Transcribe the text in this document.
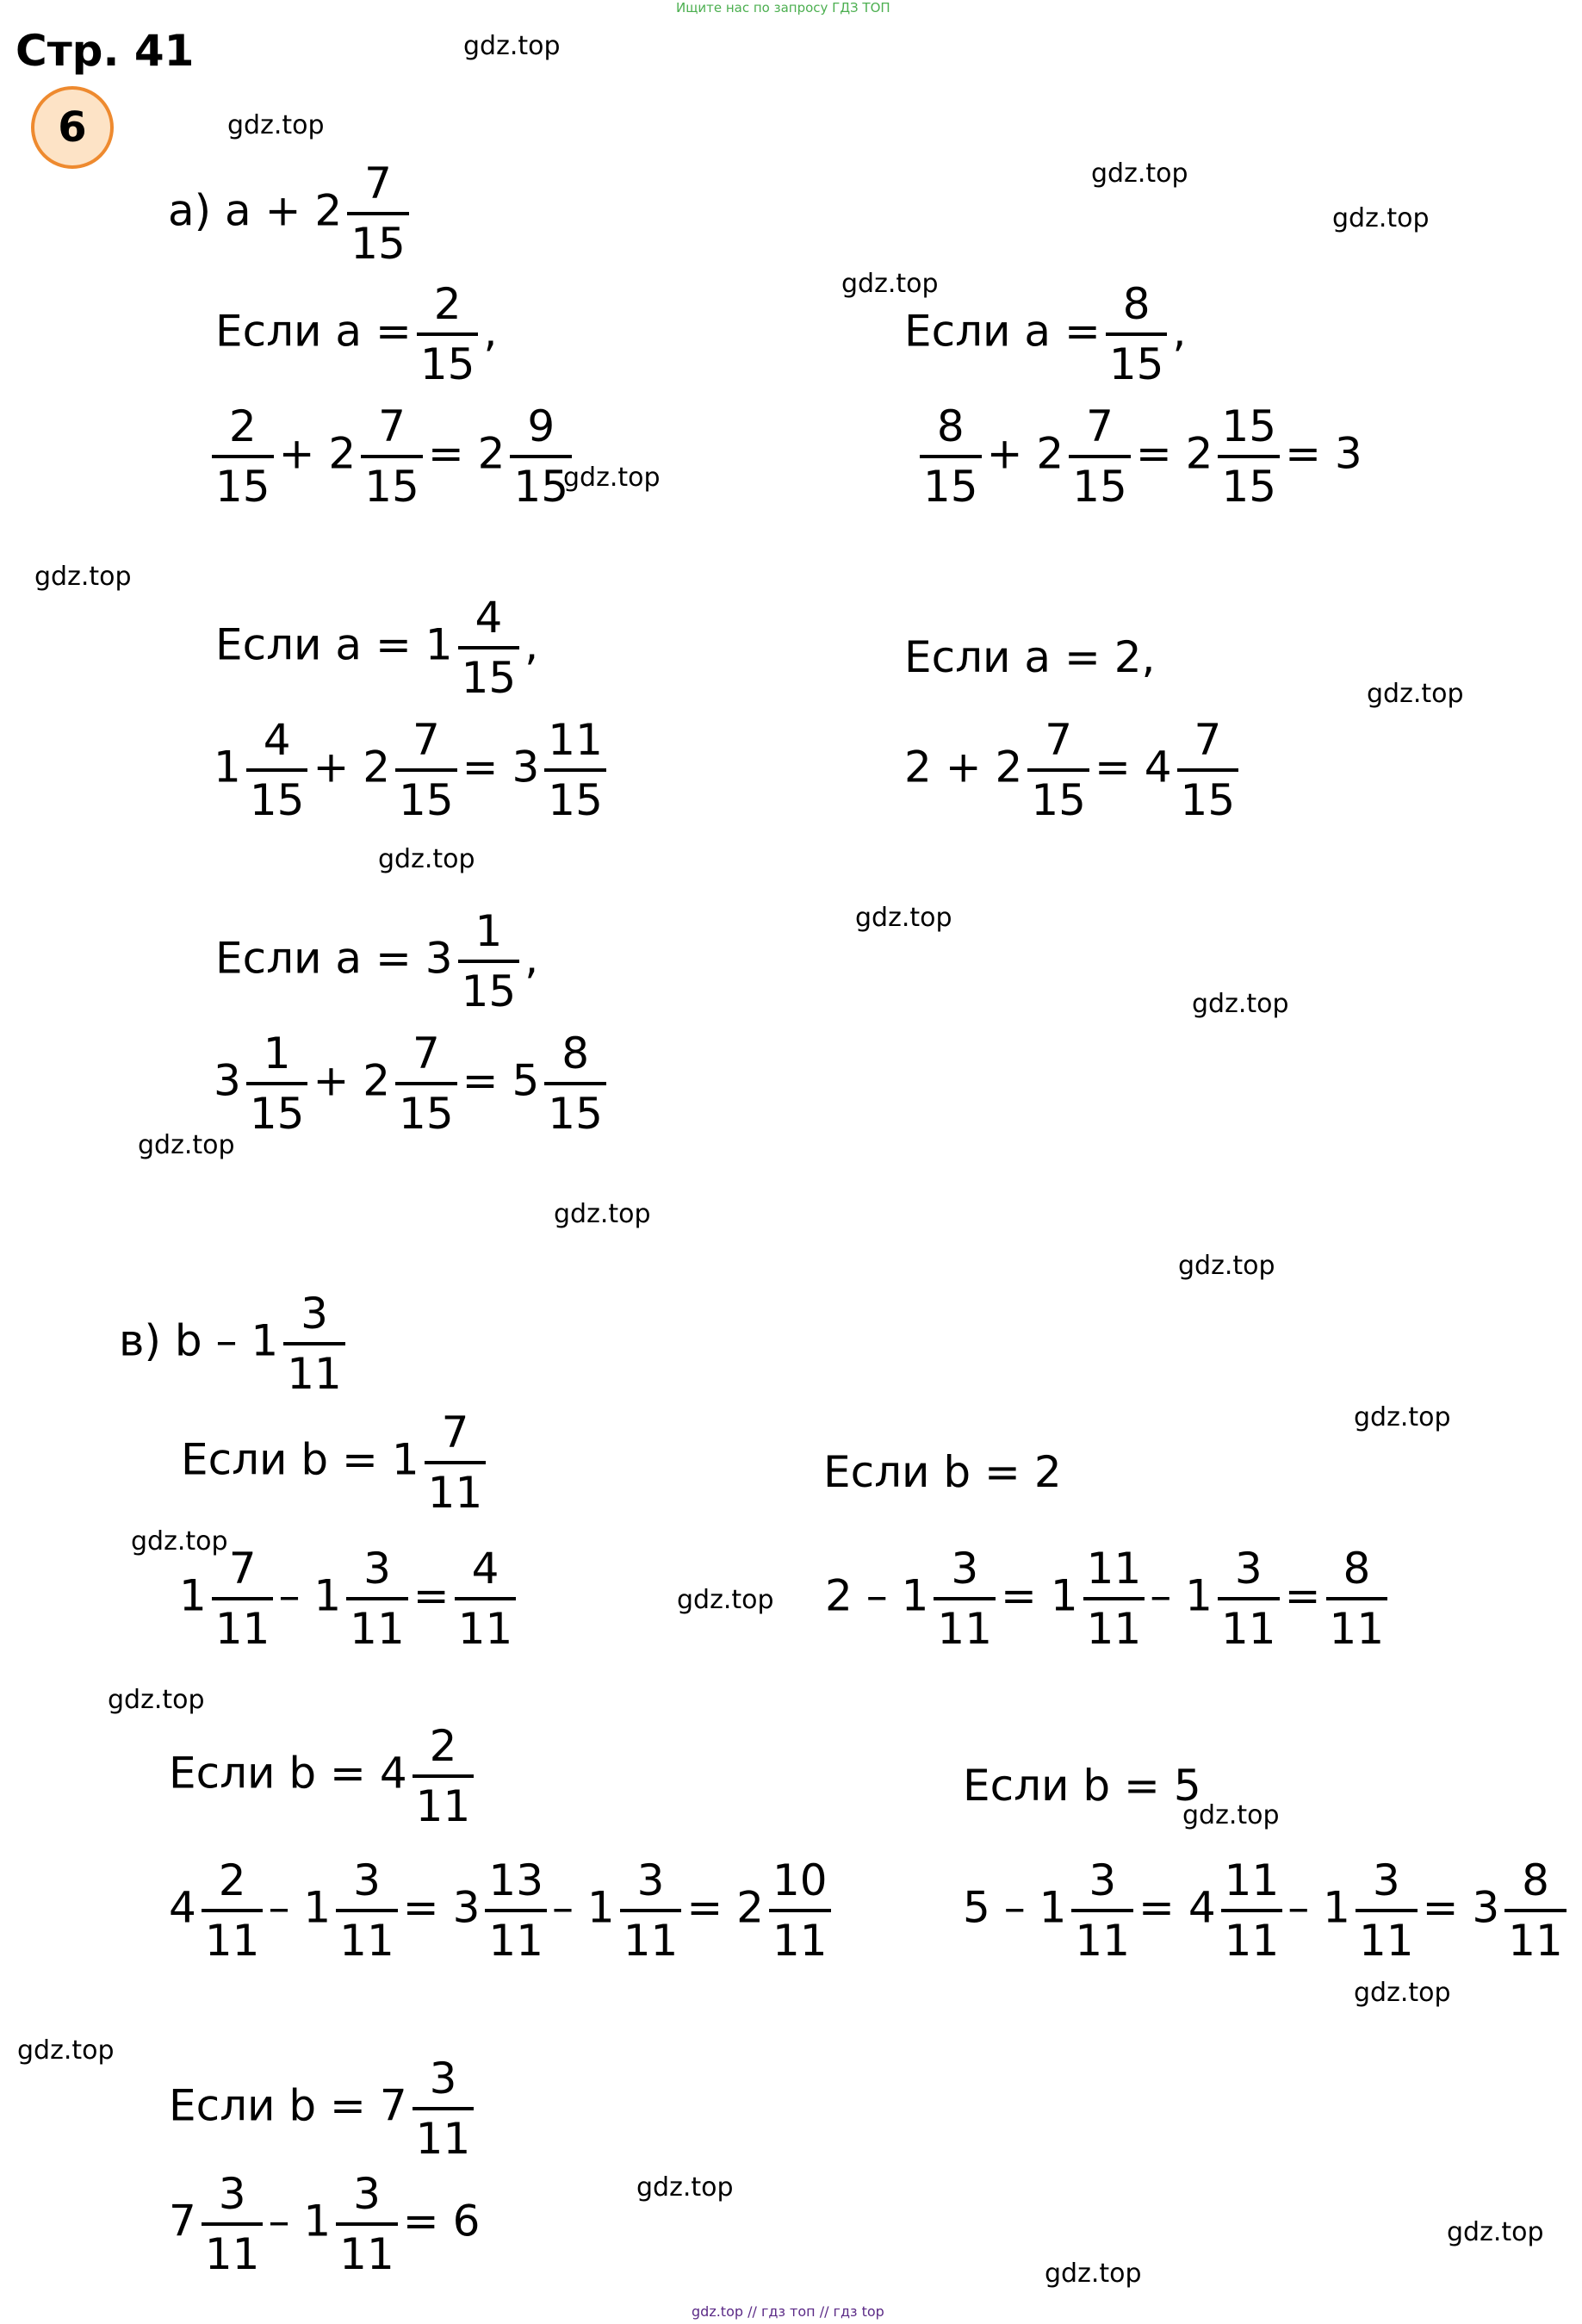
Ищите нас по запросу ГДЗ ТОП
Стр. 41
6
gdz.top
gdz.top
gdz.top
gdz.top
gdz.top
gdz.top
gdz.top
gdz.top
gdz.top
gdz.top
gdz.top
gdz.top
gdz.top
gdz.top
gdz.top
gdz.top
gdz.top
gdz.top
gdz.top
gdz.top
gdz.top
gdz.top
gdz.top
gdz.top
а) $a + 2 \frac{7}{15}$
Если $a = \frac{2}{15}$ ,
$\frac{2}{15} + 2 \frac{7}{15} = 2 \frac{9}{15}$
Если $a = \frac{8}{15}$ ,
$\frac{8}{15} + 2 \frac{7}{15} = 2 \frac{15}{15} = 3$
Если $a = 1 \frac{4}{15}$ ,
$1 \frac{4}{15} + 2 \frac{7}{15} = 3 \frac{11}{15}$
Если a = 2,
$2 + 2 \frac{7}{15} = 4 \frac{7}{15}$
Если $a = 3 \frac{1}{15}$ ,
$3 \frac{1}{15} + 2 \frac{7}{15} = 5 \frac{8}{15}$
в) b – $1 \frac{3}{11}$
Если $b = 1 \frac{7}{11}$
$1 \frac{7}{11} - 1 \frac{3}{11} = \frac{4}{11}$
Если b = 2
$2 - 1 \frac{3}{11} = 1 \frac{11}{11} - 1 \frac{3}{11} = \frac{8}{11}$
Если $b = 4 \frac{2}{11}$
$4 \frac{2}{11} - 1 \frac{3}{11} = 3 \frac{13}{11} - 1 \frac{3}{11} = 2 \frac{10}{11}$
Если b = 5
$5 - 1 \frac{3}{11} = 4 \frac{11}{11} - 1 \frac{3}{11} = 3 \frac{8}{11}$
Если $b = 7 \frac{3}{11}$
$7 \frac{3}{11} - 1 \frac{3}{11} = 6$
gdz.top // гдз топ // гдз top
